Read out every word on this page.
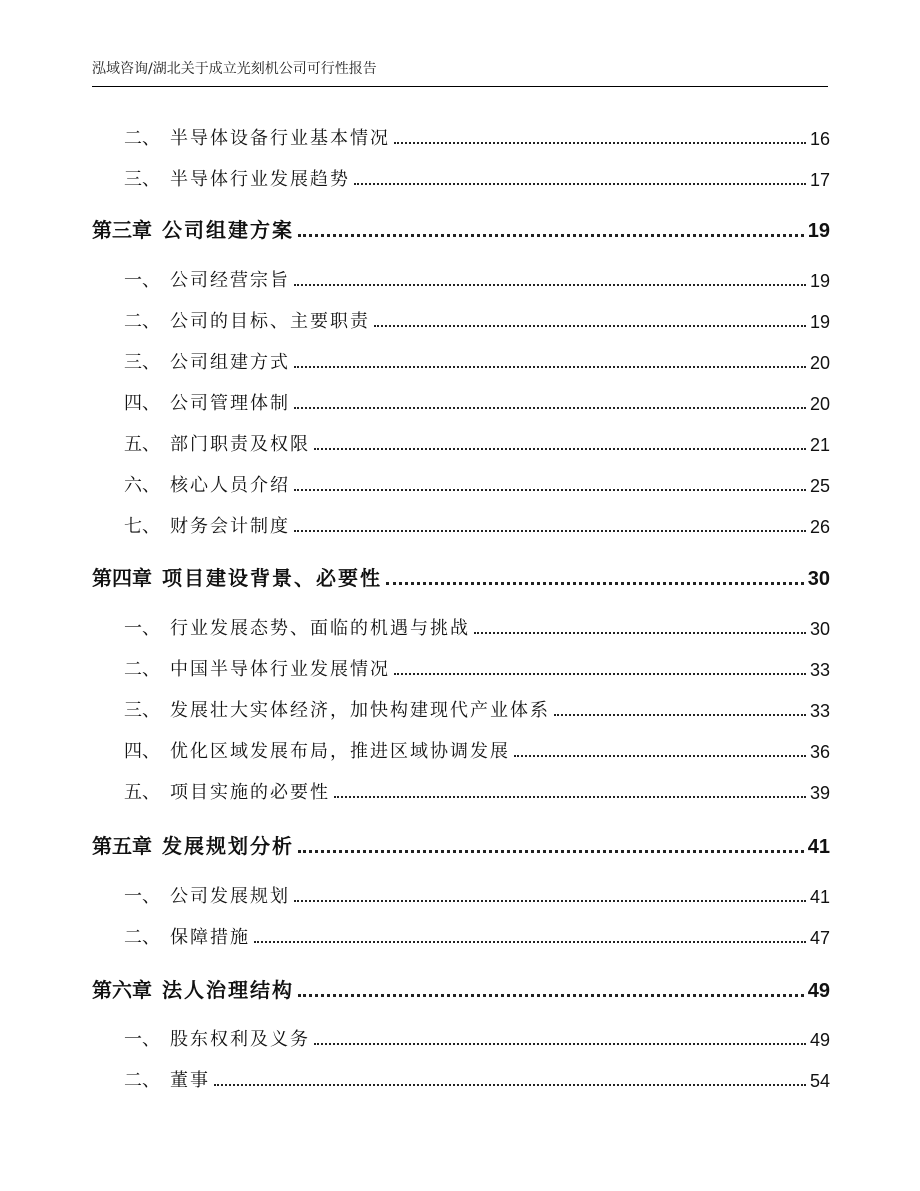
泓域咨询/湖北关于成立光刻机公司可行性报告
二、 半导体设备行业基本情况	16
三、 半导体行业发展趋势	17
第三章 公司组建方案	19
一、 公司经营宗旨	19
二、 公司的目标、主要职责	19
三、 公司组建方式	20
四、 公司管理体制	20
五、 部门职责及权限	21
六、 核心人员介绍	25
七、 财务会计制度	26
第四章 项目建设背景、必要性	30
一、 行业发展态势、面临的机遇与挑战	30
二、 中国半导体行业发展情况	33
三、 发展壮大实体经济，加快构建现代产业体系	33
四、 优化区域发展布局，推进区域协调发展	36
五、 项目实施的必要性	39
第五章 发展规划分析	41
一、 公司发展规划	41
二、 保障措施	47
第六章 法人治理结构	49
一、 股东权利及义务	49
二、 董事	54
